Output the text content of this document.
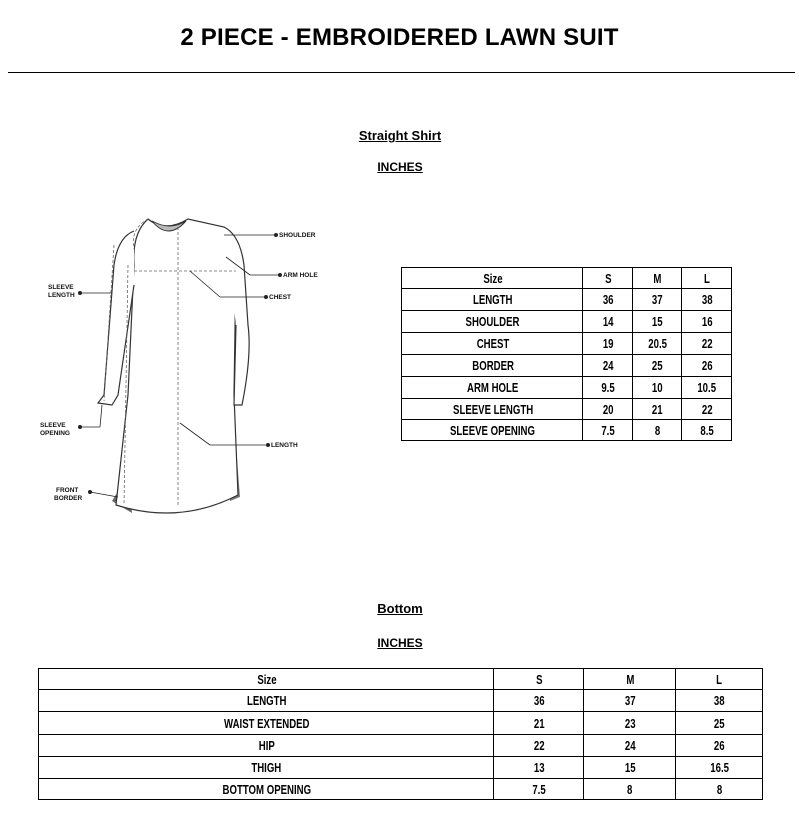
2 PIECE - EMBROIDERED LAWN SUIT
Straight Shirt
INCHES
SHOULDER
ARM HOLE
CHEST
SLEEVE
LENGTH
SLEEVE
OPENING
LENGTH
FRONT
BORDER
Size	S	M	L
LENGTH	36	37	38
SHOULDER	14	15	16
CHEST	19	20.5	22
BORDER	24	25	26
ARM HOLE	9.5	10	10.5
SLEEVE LENGTH	20	21	22
SLEEVE OPENING	7.5	8	8.5
Bottom
INCHES
Size	S	M	L
LENGTH	36	37	38
WAIST EXTENDED	21	23	25
HIP	22	24	26
THIGH	13	15	16.5
BOTTOM OPENING	7.5	8	8
